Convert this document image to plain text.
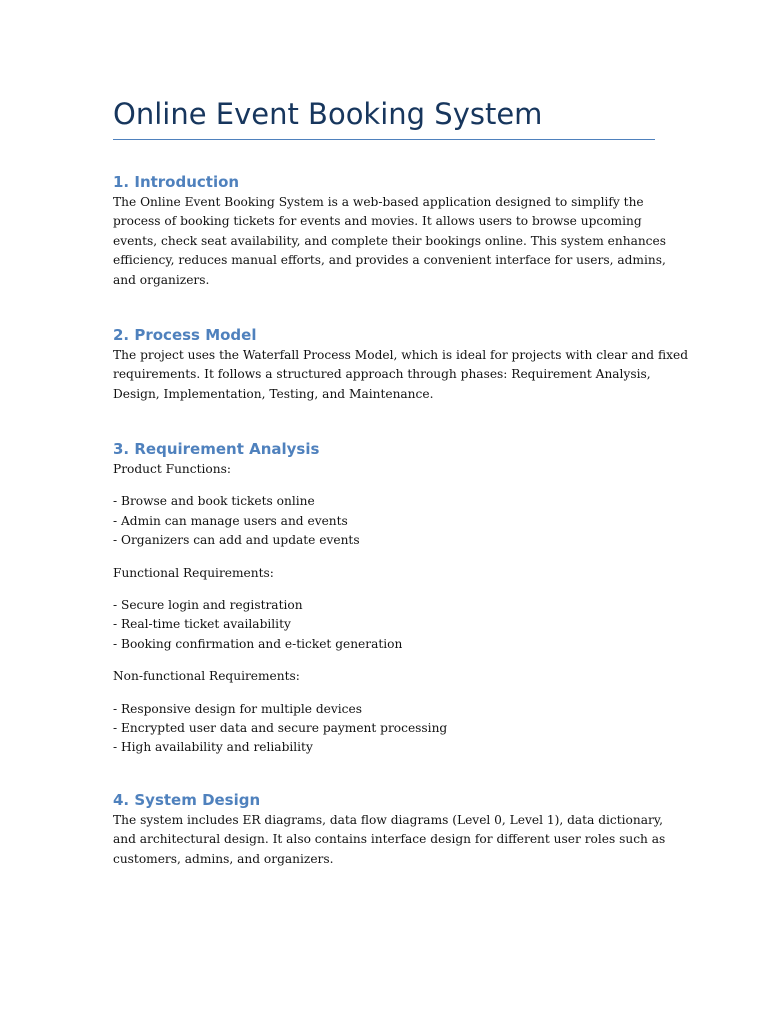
Online Event Booking System
1. Introduction

The Online Event Booking System is a web-based application designed to simplify the
process of booking tickets for events and movies. It allows users to browse upcoming
events, check seat availability, and complete their bookings online. This system enhances
efficiency, reduces manual efforts, and provides a convenient interface for users, admins,
and organizers.

2. Process Model

The project uses the Waterfall Process Model, which is ideal for projects with clear and fixed
requirements. It follows a structured approach through phases: Requirement Analysis,
Design, Implementation, Testing, and Maintenance.

3. Requirement Analysis

Product Functions:

- Browse and book tickets online
- Admin can manage users and events
- Organizers can add and update events

Functional Requirements:

- Secure login and registration
- Real-time ticket availability
- Booking confirmation and e-ticket generation

Non-functional Requirements:

- Responsive design for multiple devices
- Encrypted user data and secure payment processing
- High availability and reliability
4. System Design

The system includes ER diagrams, data flow diagrams (Level 0, Level 1), data dictionary,
and architectural design. It also contains interface design for different user roles such as
customers, admins, and organizers.
